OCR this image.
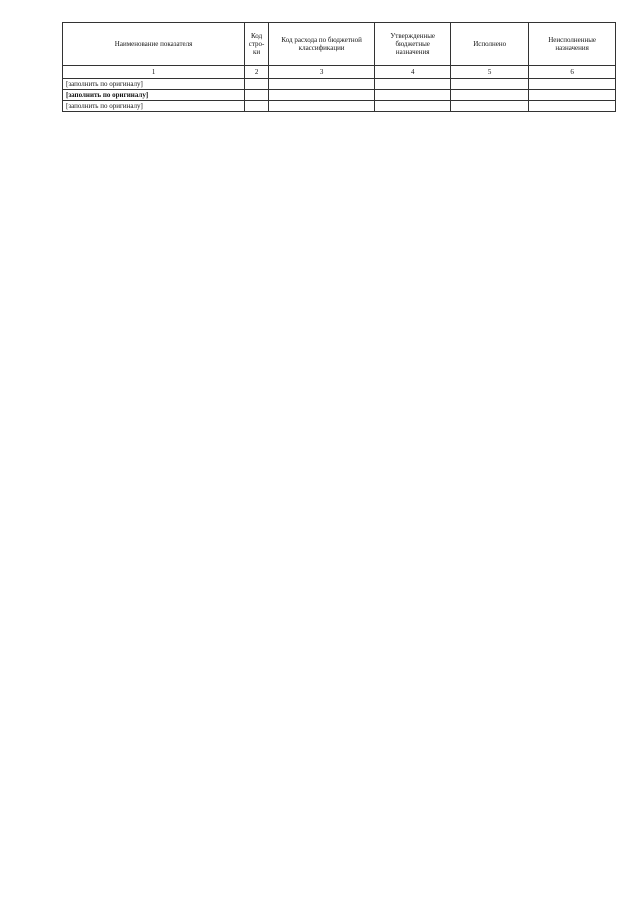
Наименование показателя	Код стро-ки	Код расхода по бюджетной классификации	Утвержденные бюджетные назначения	Исполнено	Неисполненные назначения
1	2	3	4	5	6
[заполнить по оригиналу]					
[заполнить по оригиналу]					
[заполнить по оригиналу]					
